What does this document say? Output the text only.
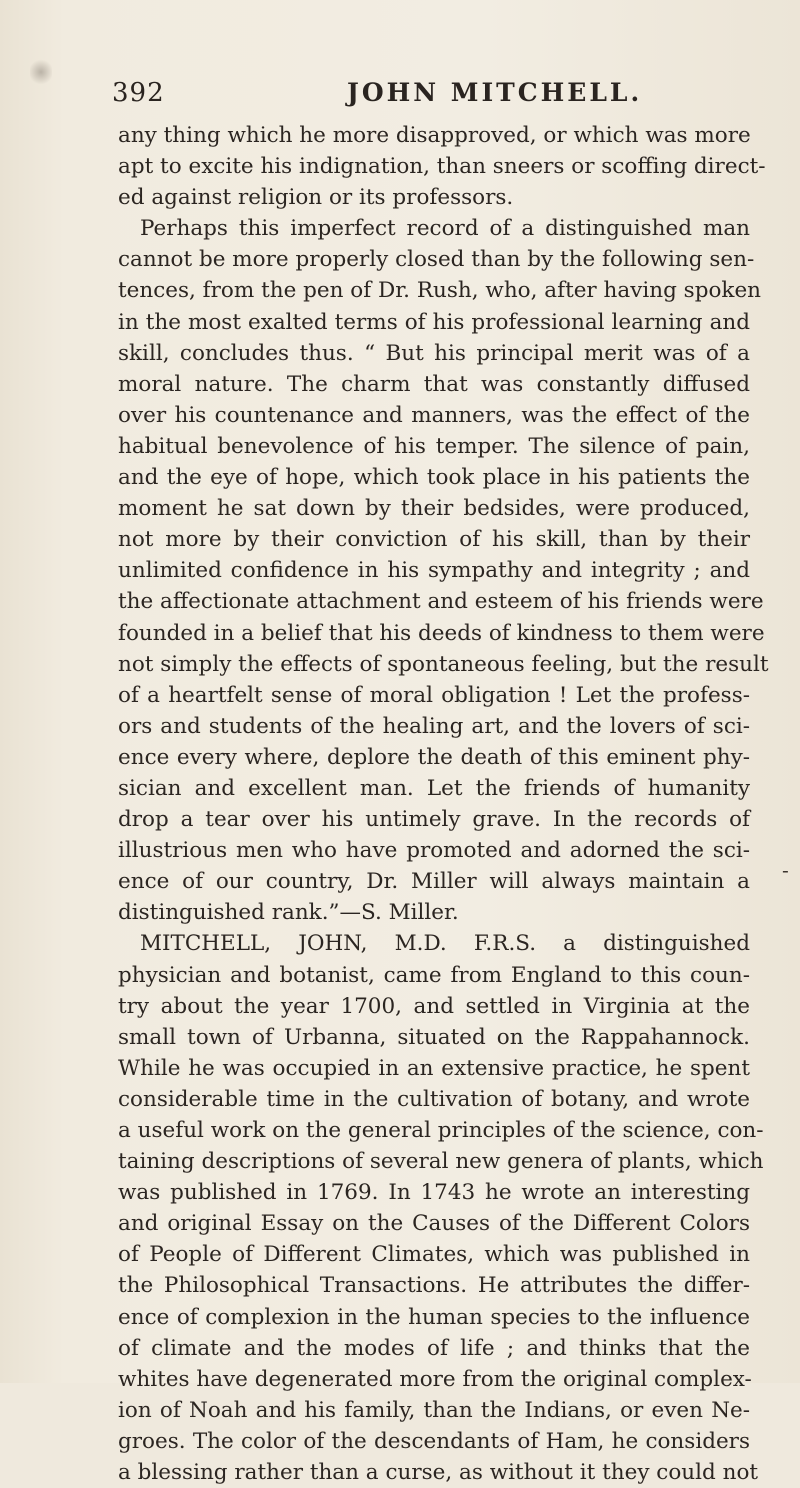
392	JOHN MITCHELL.
any thing which he more disapproved, or which was more
apt to excite his indignation, than sneers or scoffing direct-
ed against religion or its professors.
Perhaps this imperfect record of a distinguished man
cannot be more properly closed than by the following sen-
tences, from the pen of Dr. Rush, who, after having spoken
in the most exalted terms of his professional learning and
skill, concludes thus. “ But his principal merit was of a
moral nature. The charm that was constantly diffused
over his countenance and manners, was the effect of the
habitual benevolence of his temper. The silence of pain,
and the eye of hope, which took place in his patients the
moment he sat down by their bedsides, were produced,
not more by their conviction of his skill, than by their
unlimited confidence in his sympathy and integrity ; and
the affectionate attachment and esteem of his friends were
founded in a belief that his deeds of kindness to them were
not simply the effects of spontaneous feeling, but the result
of a heartfelt sense of moral obligation ! Let the profess-
ors and students of the healing art, and the lovers of sci-
ence every where, deplore the death of this eminent phy-
sician and excellent man. Let the friends of humanity
drop a tear over his untimely grave. In the records of
illustrious men who have promoted and adorned the sci-
ence of our country, Dr. Miller will always maintain a
distinguished rank.”—S. Miller.
MITCHELL, JOHN, M.D. F.R.S. a distinguished
physician and botanist, came from England to this coun-
try about the year 1700, and settled in Virginia at the
small town of Urbanna, situated on the Rappahannock.
While he was occupied in an extensive practice, he spent
considerable time in the cultivation of botany, and wrote
a useful work on the general principles of the science, con-
taining descriptions of several new genera of plants, which
was published in 1769. In 1743 he wrote an interesting
and original Essay on the Causes of the Different Colors
of People of Different Climates, which was published in
the Philosophical Transactions. He attributes the differ-
ence of complexion in the human species to the influence
of climate and the modes of life ; and thinks that the
whites have degenerated more from the original complex-
ion of Noah and his family, than the Indians, or even Ne-
groes. The color of the descendants of Ham, he considers
a blessing rather than a curse, as without it they could not
-
